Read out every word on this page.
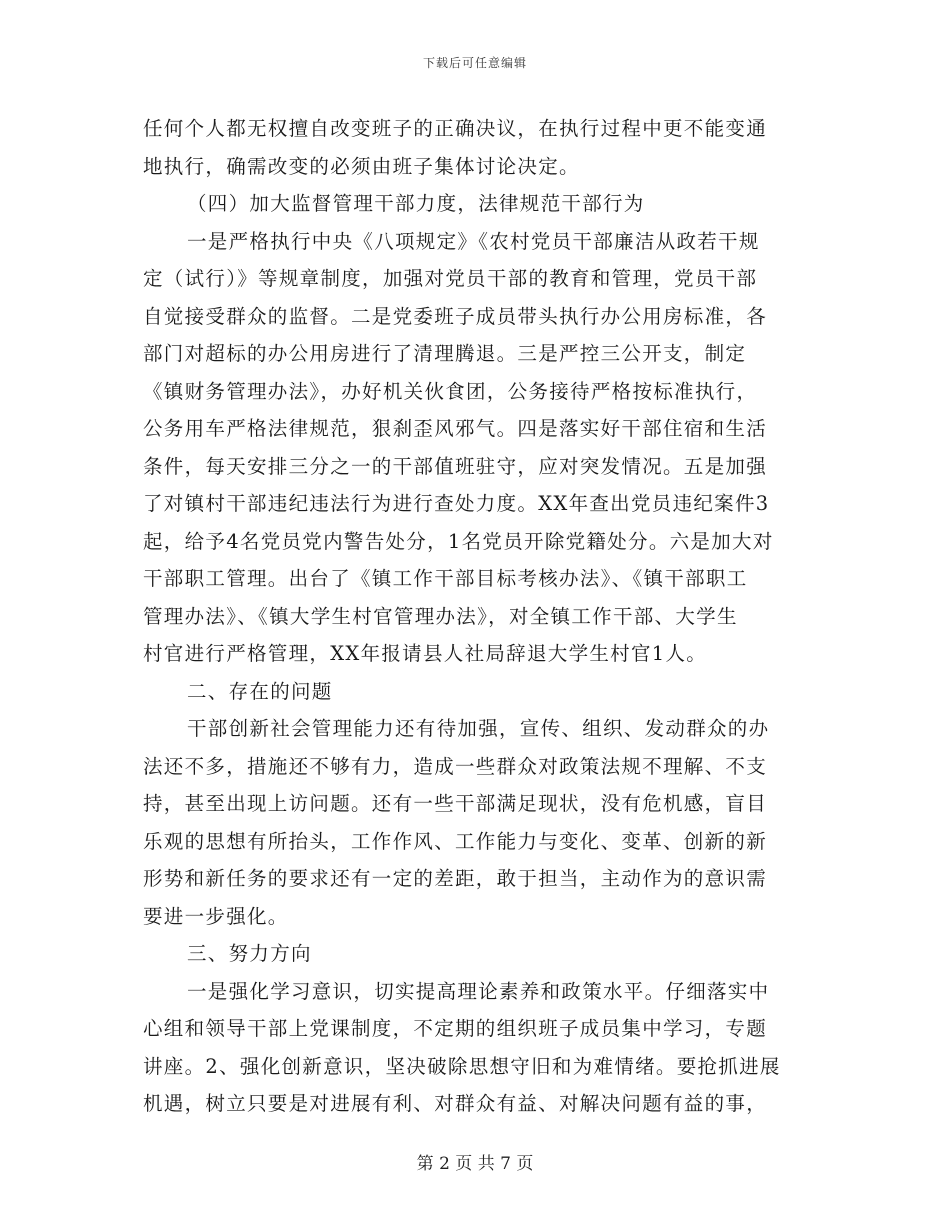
下载后可任意编辑
任何个人都无权擅自改变班子的正确决议，在执行过程中更不能变通
地执行，确需改变的必须由班子集体讨论决定。
（四）加大监督管理干部力度，法律规范干部行为
一是严格执行中央《八项规定》《农村党员干部廉洁从政若干规
定（试行）》等规章制度，加强对党员干部的教育和管理，党员干部
自觉接受群众的监督。二是党委班子成员带头执行办公用房标准，各
部门对超标的办公用房进行了清理腾退。三是严控三公开支，制定
《镇财务管理办法》，办好机关伙食团，公务接待严格按标准执行，
公务用车严格法律规范，狠刹歪风邪气。四是落实好干部住宿和生活
条件，每天安排三分之一的干部值班驻守，应对突发情况。五是加强
了对镇村干部违纪违法行为进行查处力度。XX年查出党员违纪案件3
起，给予4名党员党内警告处分，1名党员开除党籍处分。六是加大对
干部职工管理。出台了《镇工作干部目标考核办法》、《镇干部职工
管理办法》、《镇大学生村官管理办法》，对全镇工作干部、大学生
村官进行严格管理，XX年报请县人社局辞退大学生村官1人。
二、存在的问题
干部创新社会管理能力还有待加强，宣传、组织、发动群众的办
法还不多，措施还不够有力，造成一些群众对政策法规不理解、不支
持，甚至出现上访问题。还有一些干部满足现状，没有危机感，盲目
乐观的思想有所抬头，工作作风、工作能力与变化、变革、创新的新
形势和新任务的要求还有一定的差距，敢于担当，主动作为的意识需
要进一步强化。
三、努力方向
一是强化学习意识，切实提高理论素养和政策水平。仔细落实中
心组和领导干部上党课制度，不定期的组织班子成员集中学习，专题
讲座。2、强化创新意识，坚决破除思想守旧和为难情绪。要抢抓进展
机遇，树立只要是对进展有利、对群众有益、对解决问题有益的事，
第 2 页 共 7 页
